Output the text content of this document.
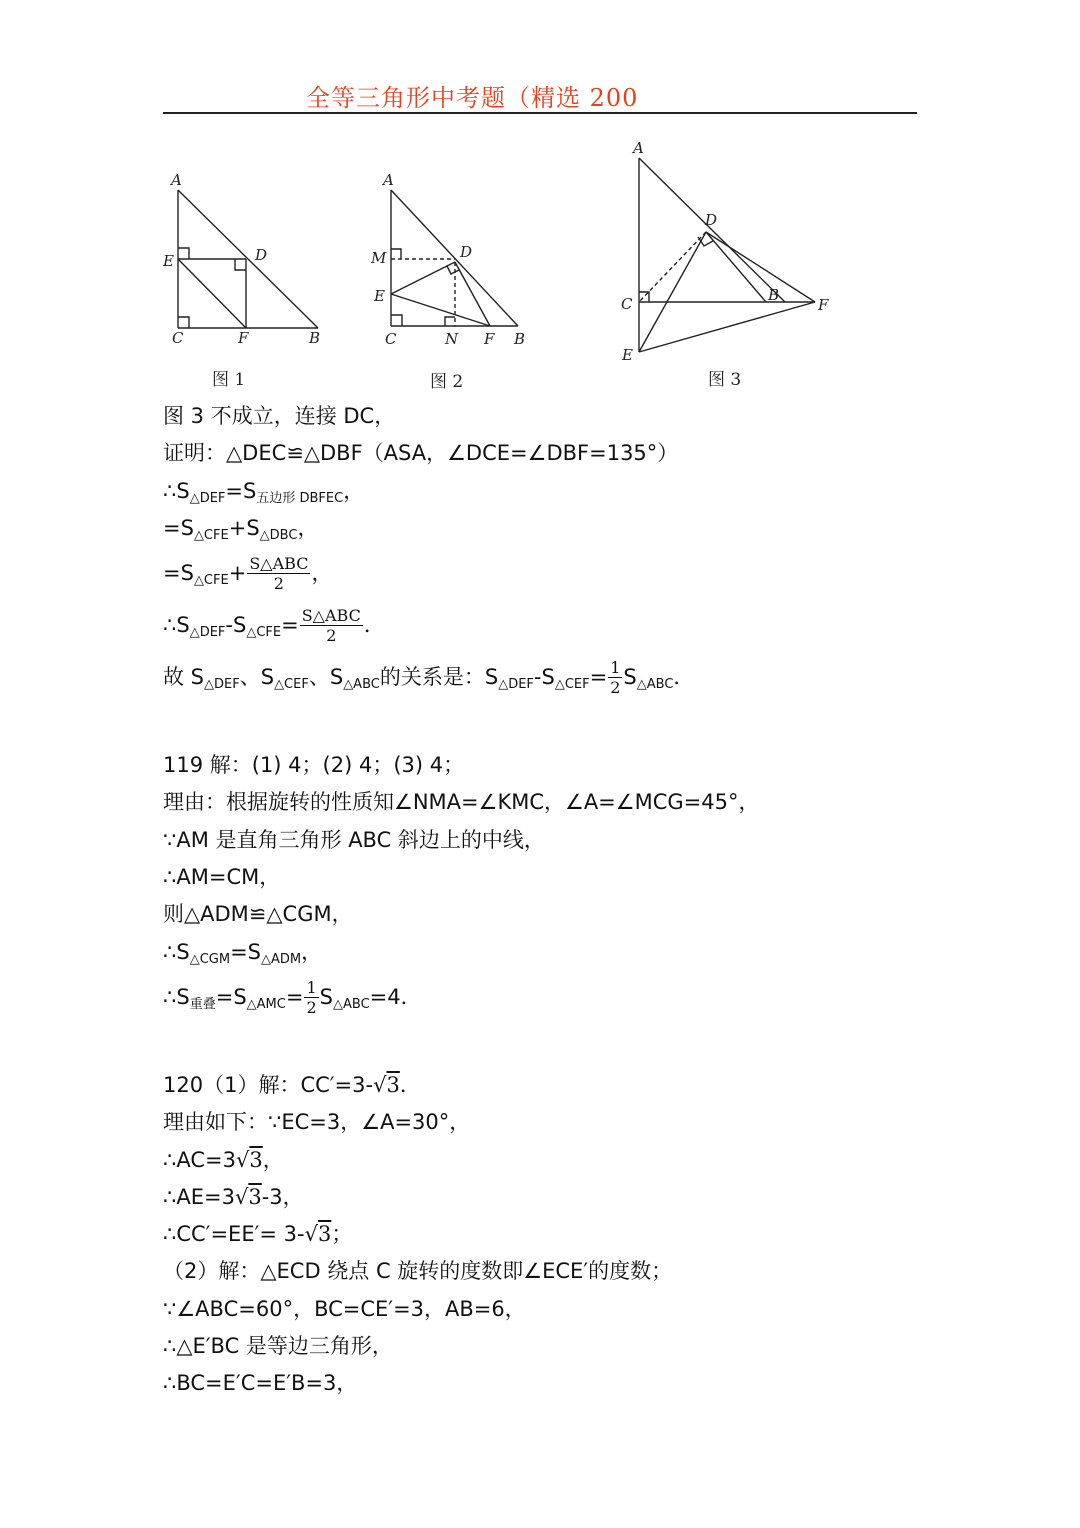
全等三角形中考题（精选 200
A
E	D
C	F	B
图 1
A
M	D
E
C	N F B
图 2
A
D
C	B
F
E
图 3
图 3 不成立，连接 DC，
证明：△DEC≌△DBF（ASA，∠DCE=∠DBF=135°）
$\therefore S_{\triangle DEF}=S_{五边形 DBFEC}$，
$=S_{\triangle CFE}+S_{\triangle DBC}$，
$=S_{\triangle CFE}+ \frac{\text{S△ABC}}{2}$ ，
$\therefore S_{\triangle DEF}-S_{\triangle CFE}= \frac{\text{S△ABC}}{2}$ ．
故 $S_{\triangle DEF}$、$S_{\triangle CEF}$、$S_{\triangle ABC}$的关系是：$S_{\triangle DEF}-S_{\triangle CEF}= \frac{1}{2} S_{\triangle ABC}$．
119 解：(1) 4；(2) 4；(3) 4；
理由：根据旋转的性质知∠NMA=∠KMC，∠A=∠MCG=45°，
∵AM 是直角三角形 ABC 斜边上的中线，
∴AM=CM，
则△ADM≌△CGM，
$\therefore S_{\triangle CGM}=S_{\triangle ADM}$，
$\therefore S_{重叠}=S_{\triangle AMC}= \frac{1}{2} S_{\triangle ABC}=4$．
120（1）解：CC′=3-√3．
理由如下：∵EC=3，∠A=30°，
∴AC=3√3，
∴AE=3√3-3，
∴CC′=EE′= 3-√3；
（2）解：△ECD 绕点 C 旋转的度数即∠ECE′的度数；
∵∠ABC=60°，BC=CE′=3，AB=6，
∴△E′BC 是等边三角形，
∴BC=E′C=E′B=3，
